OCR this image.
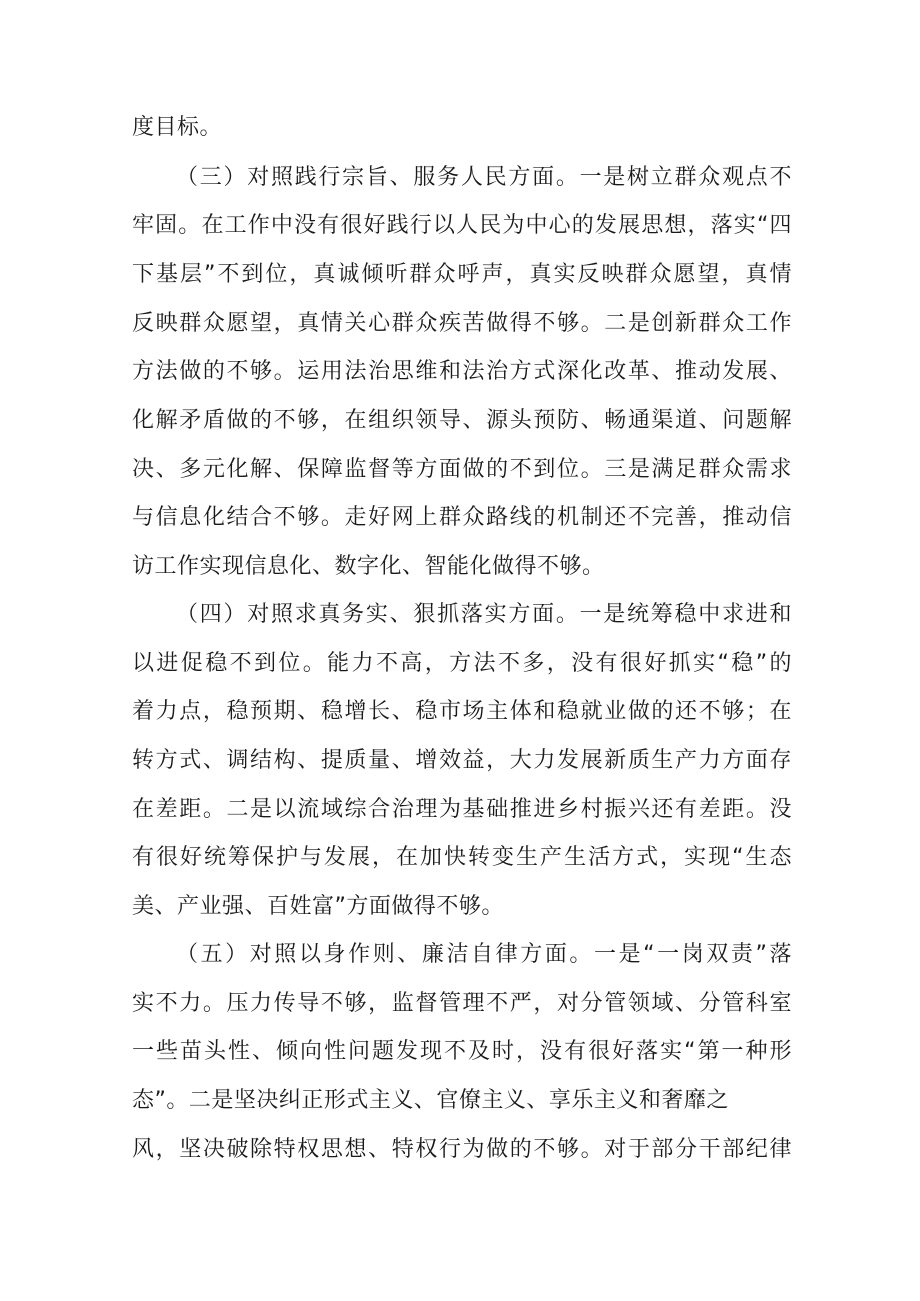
度目标。
（三）对照践行宗旨、服务人民方面。一是树立群众观点不
牢固。在工作中没有很好践行以人民为中心的发展思想，落实“四
下基层”不到位，真诚倾听群众呼声，真实反映群众愿望，真情
反映群众愿望，真情关心群众疾苦做得不够。二是创新群众工作
方法做的不够。运用法治思维和法治方式深化改革、推动发展、
化解矛盾做的不够，在组织领导、源头预防、畅通渠道、问题解
决、多元化解、保障监督等方面做的不到位。三是满足群众需求
与信息化结合不够。走好网上群众路线的机制还不完善，推动信
访工作实现信息化、数字化、智能化做得不够。
（四）对照求真务实、狠抓落实方面。一是统筹稳中求进和
以进促稳不到位。能力不高，方法不多，没有很好抓实“稳”的
着力点，稳预期、稳增长、稳市场主体和稳就业做的还不够；在
转方式、调结构、提质量、增效益，大力发展新质生产力方面存
在差距。二是以流域综合治理为基础推进乡村振兴还有差距。没
有很好统筹保护与发展，在加快转变生产生活方式，实现“生态
美、产业强、百姓富”方面做得不够。
（五）对照以身作则、廉洁自律方面。一是“一岗双责”落
实不力。压力传导不够，监督管理不严，对分管领域、分管科室
一些苗头性、倾向性问题发现不及时，没有很好落实“第一种形
态”。二是坚决纠正形式主义、官僚主义、享乐主义和奢靡之
风，坚决破除特权思想、特权行为做的不够。对于部分干部纪律
